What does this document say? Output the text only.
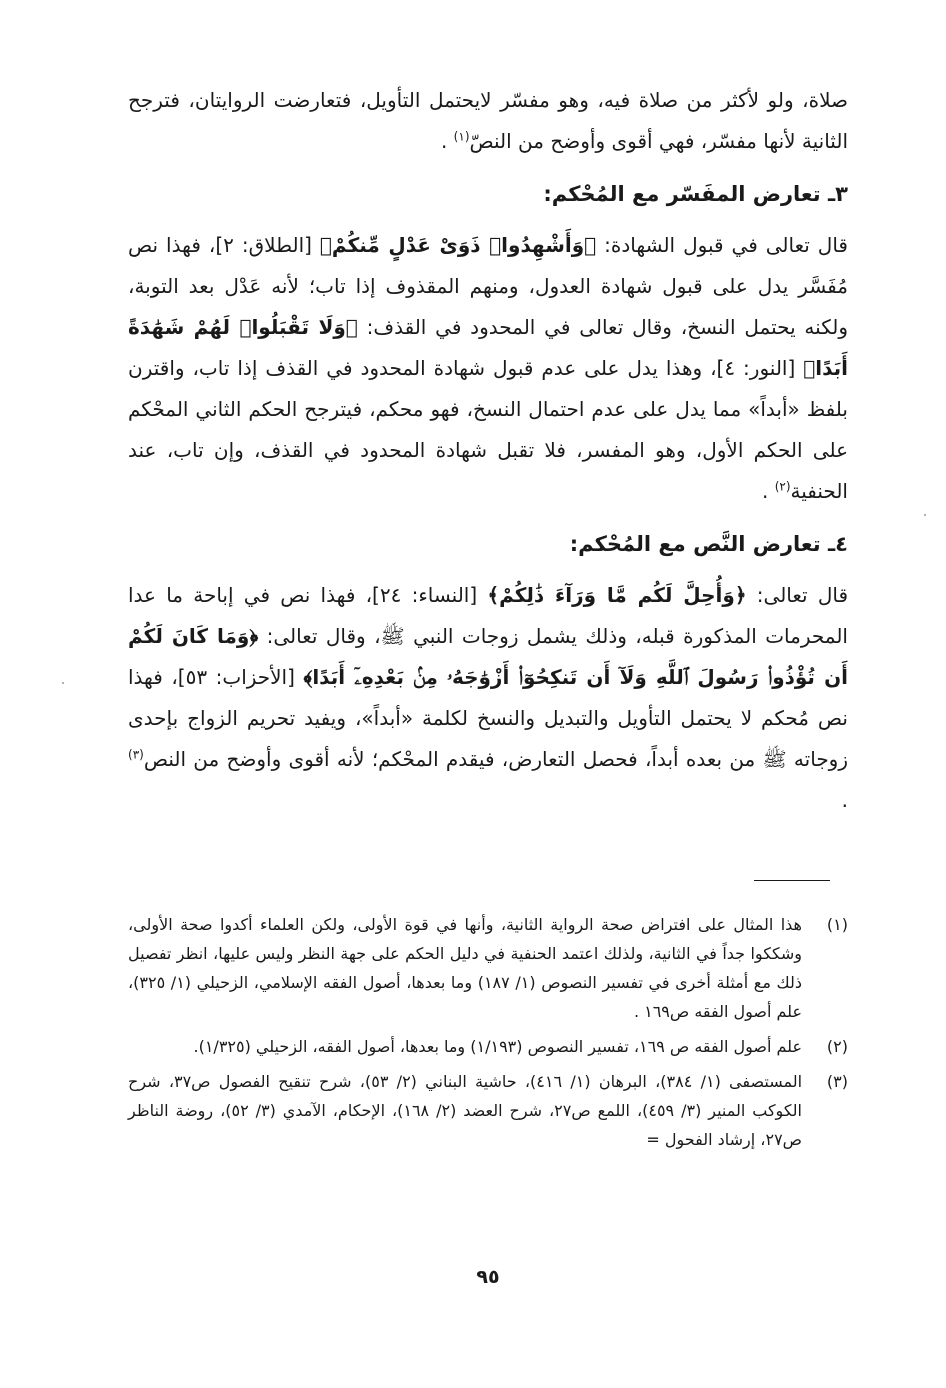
صلاة، ولو لأكثر من صلاة فيه، وهو مفسّر لايحتمل التأويل، فتعارضت الروايتان، فترجح الثانية لأنها مفسّر، فهي أقوى وأوضح من النصّ$^{(١)}$ .

٣ـ تعارض المفَسّر مع المُحْكم:

قال تعالى في قبول الشهادة: ﴿وَأَشْهِدُوا۟ ذَوَىْ عَدْلٍ مِّنكُمْ﴾ [الطلاق: ٢]، فهذا نص مُفَسَّر يدل على قبول شهادة العدول، ومنهم المقذوف إذا تاب؛ لأنه عَدْل بعد التوبة، ولكنه يحتمل النسخ، وقال تعالى في المحدود في القذف: ﴿وَلَا تَقْبَلُوا۟ لَهُمْ شَهَٰدَةً أَبَدًا﴾ [النور: ٤]، وهذا يدل على عدم قبول شهادة المحدود في القذف إذا تاب، واقترن بلفظ «أبداً» مما يدل على عدم احتمال النسخ، فهو محكم، فيترجح الحكم الثاني المحْكم على الحكم الأول، وهو المفسر، فلا تقبل شهادة المحدود في القذف، وإن تاب، عند الحنفية$^{(٢)}$ .

٤ـ تعارض النَّص مع المُحْكم:

قال تعالى: ﴿وَأُحِلَّ لَكُم مَّا وَرَآءَ ذَٰلِكُمْ﴾ [النساء: ٢٤]، فهذا نص في إباحة ما عدا المحرمات المذكورة قبله، وذلك يشمل زوجات النبي ﷺ، وقال تعالى: ﴿وَمَا كَانَ لَكُمْ أَن تُؤْذُوا۟ رَسُولَ ٱللَّهِ وَلَآ أَن تَنكِحُوٓا۟ أَزْوَٰجَهُۥ مِنۢ بَعْدِهِۦٓ أَبَدًا﴾ [الأحزاب: ٥٣]، فهذا نص مُحكم لا يحتمل التأويل والتبديل والنسخ لكلمة «أبداً»، ويفيد تحريم الزواج بإحدى زوجاته ﷺ من بعده أبداً، فحصل التعارض، فيقدم المحْكم؛ لأنه أقوى وأوضح من النص$^{(٣)}$ .

(١)
هذا المثال على افتراض صحة الرواية الثانية، وأنها في قوة الأولى، ولكن العلماء أكدوا صحة الأولى، وشككوا جداً في الثانية، ولذلك اعتمد الحنفية في دليل الحكم على جهة النظر وليس عليها، انظر تفصيل ذلك مع أمثلة أخرى في تفسير النصوص (١/ ١٨٧) وما بعدها، أصول الفقه الإسلامي، الزحيلي (١/ ٣٢٥)، علم أصول الفقه ص١٦٩ .
(٢)
علم أصول الفقه ص ١٦٩، تفسير النصوص (١/١٩٣) وما بعدها، أصول الفقه، الزحيلي (١/٣٢٥).
(٣)
المستصفى (١/ ٣٨٤)، البرهان (١/ ٤١٦)، حاشية البناني (٢/ ٥٣)، شرح تنقيح الفصول ص٣٧، شرح الكوكب المنير (٣/ ٤٥٩)، اللمع ص٢٧، شرح العضد (٢/ ١٦٨)، الإحكام، الآمدي (٣/ ٥٢)، روضة الناظر ص٢٧، إرشاد الفحول =
٩٥
